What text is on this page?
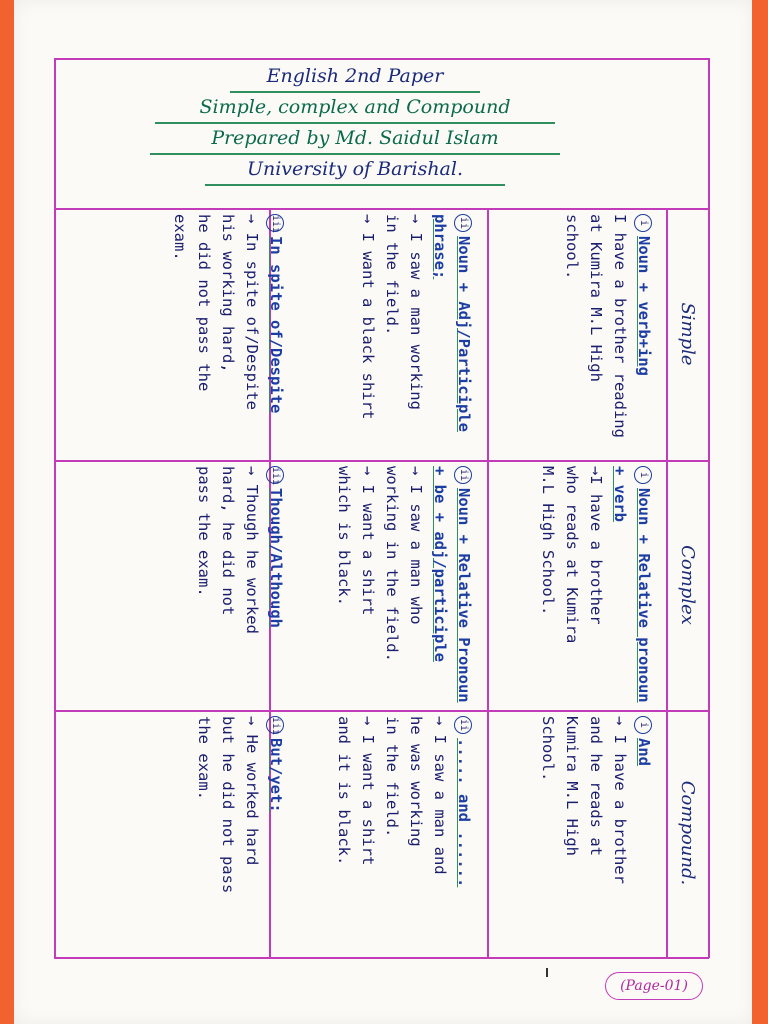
English 2nd Paper
Simple, complex and Compound
Prepared by Md. Saidul Islam
University of Barishal.
Simple
Complex
Compound.
iNoun + verb+ing
I have a brother reading
at Kumira M.L High
school.
iNoun + Relative pronoun + verb
→I have a brother
who reads at Kumira
M.L High School.
iAnd
→ I have a brother
and he reads at
Kumira M.L High
School.
iiNoun + Adj/Participle phrase;
→ I saw a man working
in the field.
→ I want a black shirt
iiNoun + Relative Pronoun + be + adj/participle
→ I saw a man who
working in the field.
→ I want a shirt
which is black.
ii..... and ......
→ I saw a man and
he was working
in the field.
→ I want a shirt
and it is black.
iiiIn spite of/Despite
→ In spite of/Despite
his working hard,
he did not pass the
exam.
iiiThough/Although
→ Though he worked
hard, he did not
pass the exam.
iiiBut/yet:
→ He worked hard
but he did not pass
the exam.
(Page-01)
